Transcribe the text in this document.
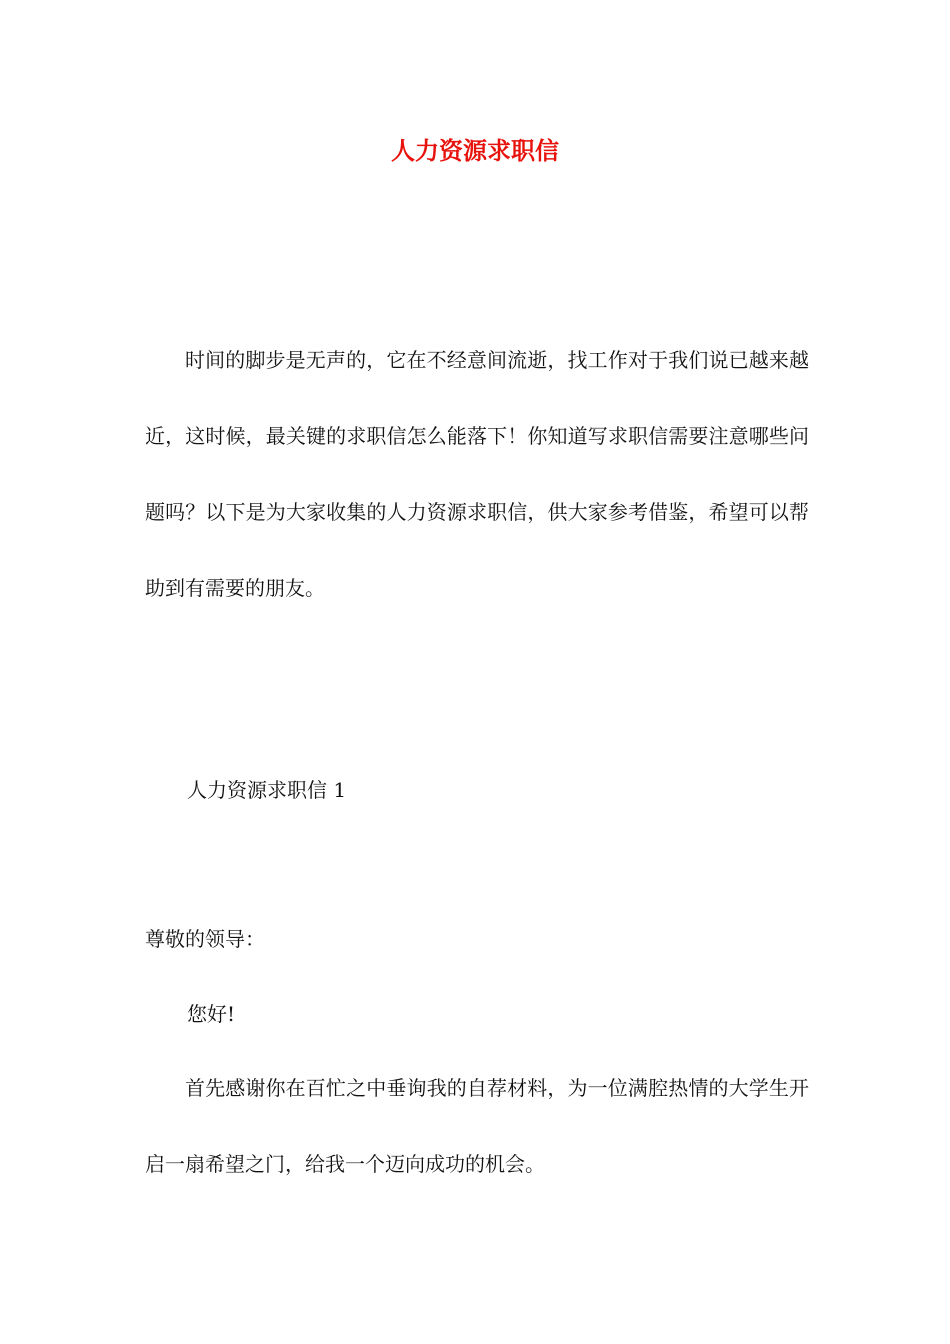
人力资源求职信

时间的脚步是无声的，它在不经意间流逝，找工作对于我们说已越来越近，这时候，最关键的求职信怎么能落下！你知道写求职信需要注意哪些问题吗？以下是为大家收集的人力资源求职信，供大家参考借鉴，希望可以帮助到有需要的朋友。

人力资源求职信 1
尊敬的领导：
您好!

首先感谢你在百忙之中垂询我的自荐材料，为一位满腔热情的大学生开启一扇希望之门，给我一个迈向成功的机会。
